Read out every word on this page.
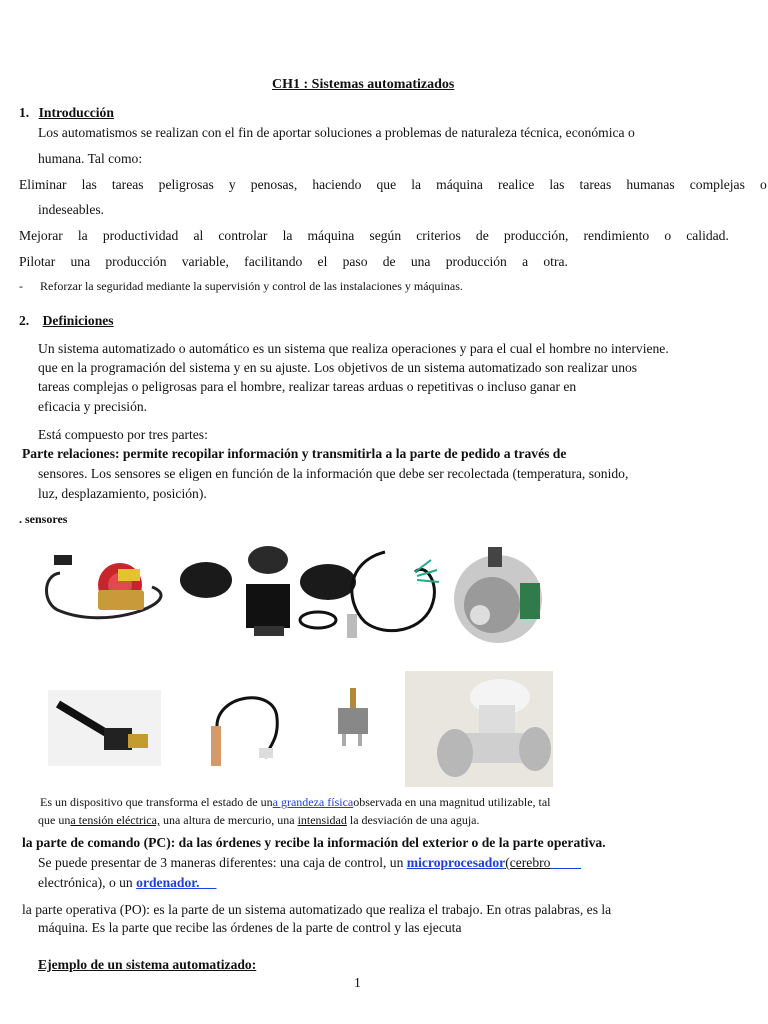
CH1 : Sistemas automatizados
1. Introducción
Los automatismos se realizan con el fin de aportar soluciones a problemas de naturaleza técnica, económica o
humana. Tal como:
Eliminar las tareas peligrosas y penosas, haciendo que la máquina realice las tareas humanas complejas o
indeseables.
Mejorar la productividad al controlar la máquina según criterios de producción, rendimiento o calidad.
Pilotar una producción variable, facilitando el paso de una producción a otra.
- Reforzar la seguridad mediante la supervisión y control de las instalaciones y máquinas.
2. Definiciones
Un sistema automatizado o automático es un sistema que realiza operaciones y para el cual el hombre no interviene.
que en la programación del sistema y en su ajuste. Los objetivos de un sistema automatizado son realizar unos
tareas complejas o peligrosas para el hombre, realizar tareas arduas o repetitivas o incluso ganar en
eficacia y precisión.
Está compuesto por tres partes:
Parte relaciones: permite recopilar información y transmitirla a la parte de pedido a través de
sensores. Los sensores se eligen en función de la información que debe ser recolectada (temperatura, sonido,
luz, desplazamiento, posición).
. sensores
Es un dispositivo que transforma el estado de una grandeza físicaobservada en una magnitud utilizable, tal
que una tensión eléctrica, una altura de mercurio, una intensidad la desviación de una aguja.
la parte de comando (PC): da las órdenes y recibe la información del exterior o de la parte operativa.
Se puede presentar de 3 maneras diferentes: una caja de control, un microprocesador(cerebro
electrónica), o un ordenador.
la parte operativa (PO): es la parte de un sistema automatizado que realiza el trabajo. En otras palabras, es la
máquina. Es la parte que recibe las órdenes de la parte de control y las ejecuta
Ejemplo de un sistema automatizado:
1
